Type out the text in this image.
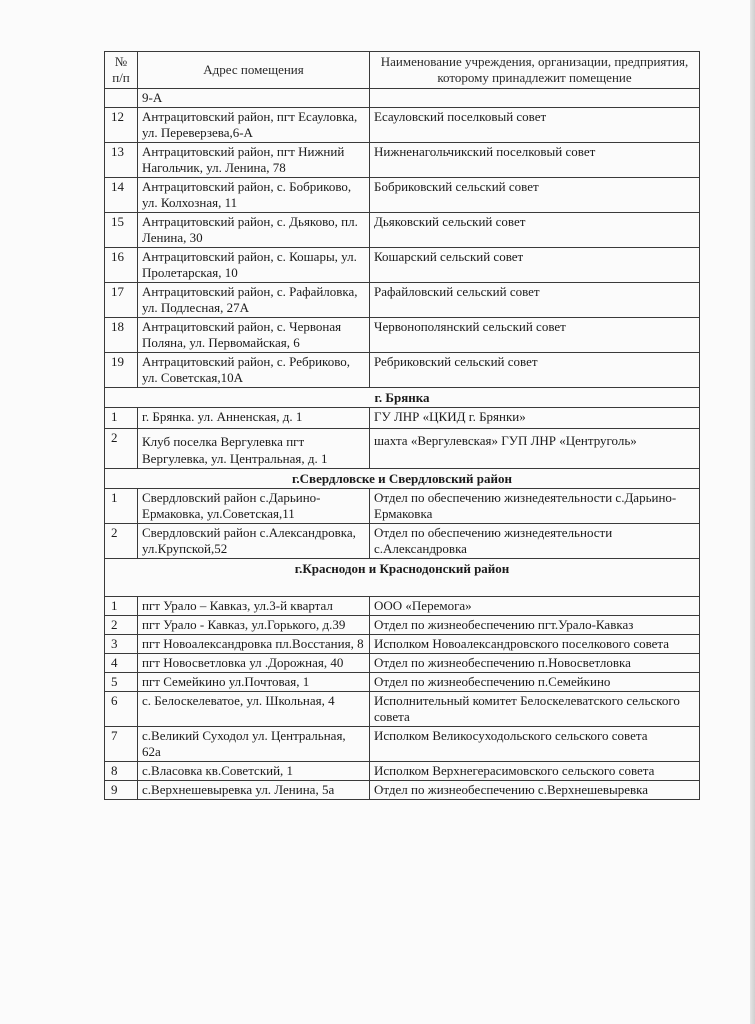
№ п/п	Адрес помещения	Наименование учреждения, организации, предприятия, которому принадлежит помещение
	9-А	
12	Антрацитовский район, пгт Есауловка, ул. Переверзева,6-А	Есауловский поселковый совет
13	Антрацитовский район, пгт Нижний Нагольчик, ул. Ленина, 78	Нижненагольчикский поселковый совет
14	Антрацитовский район, с. Бобриково, ул. Колхозная, 11	Бобриковский сельский совет
15	Антрацитовский район, с. Дьяково, пл. Ленина, 30	Дьяковский сельский совет
16	Антрацитовский район, с. Кошары, ул. Пролетарская, 10	Кошарский сельский совет
17	Антрацитовский район, с. Рафайловка, ул. Подлесная, 27А	Рафайловский сельский совет
18	Антрацитовский район, с. Червоная Поляна, ул. Первомайская, 6	Червонополянский сельский совет
19	Антрацитовский район, с. Ребриково, ул. Советская,10А	Ребриковский сельский совет
г. Брянка		
1	г. Брянка. ул. Анненская, д. 1	ГУ ЛНР «ЦКИД г. Брянки»
2	Клуб поселка Вергулевка пгт Вергулевка, ул. Центральная, д. 1	шахта «Вергулевская» ГУП ЛНР «Центруголь»
г.Свердловске и Свердловский район		
1	Свердловский район с.Дарьино-Ермаковка, ул.Советская,11	Отдел по обеспечению жизнедеятельности с.Дарьино-Ермаковка
2	Свердловский район с.Александровка, ул.Крупской,52	Отдел по обеспечению жизнедеятельности с.Александровка
г.Краснодон и Краснодонский район		
1	пгт Урало – Кавказ, ул.3-й квартал	ООО «Перемога»
2	пгт Урало - Кавказ, ул.Горького, д.39	Отдел по жизнеобеспечению пгт.Урало-Кавказ
3	пгт Новоалександровка пл.Восстания, 8	Исполком Новоалександровского поселкового совета
4	пгт Новосветловка ул .Дорожная, 40	Отдел по жизнеобеспечению п.Новосветловка
5	пгт Семейкино ул.Почтовая, 1	Отдел по жизнеобеспечению п.Семейкино
6	с. Белоскелеватое, ул. Школьная, 4	Исполнительный комитет Белоскелеватского сельского совета
7	с.Великий Суходол ул. Центральная, 62а	Исполком Великосуходольского сельского совета
8	с.Власовка кв.Советский, 1	Исполком Верхнегерасимовского сельского совета
9	с.Верхнешевыревка ул. Ленина, 5а	Отдел по жизнеобеспечению с.Верхнешевыревка
